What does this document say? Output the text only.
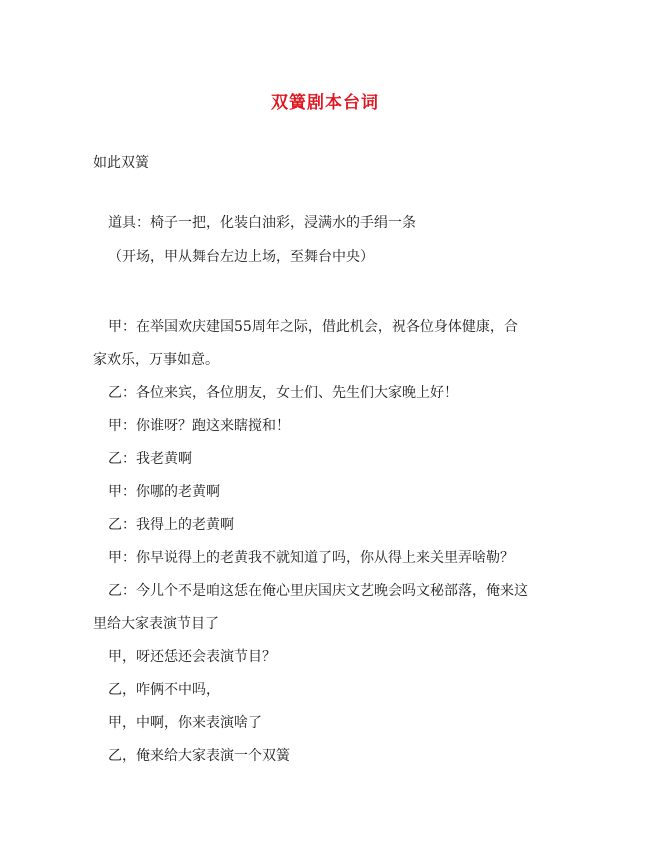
双簧剧本台词
如此双簧
道具：椅子一把，化装白油彩，浸满水的手绢一条
（开场，甲从舞台左边上场，至舞台中央）
甲：在举国欢庆建国55周年之际，借此机会，祝各位身体健康，合
家欢乐，万事如意。
乙：各位来宾，各位朋友，女士们、先生们大家晚上好！
甲：你谁呀？跑这来瞎搅和！
乙：我老黄啊
甲：你哪的老黄啊
乙：我得上的老黄啊
甲：你早说得上的老黄我不就知道了吗，你从得上来关里弄啥勒？
乙：今儿个不是咱这恁在俺心里庆国庆文艺晚会吗文秘部落，俺来这
里给大家表演节目了
甲，呀还恁还会表演节目？
乙，咋俩不中吗，
甲，中啊，你来表演啥了
乙，俺来给大家表演一个双簧
